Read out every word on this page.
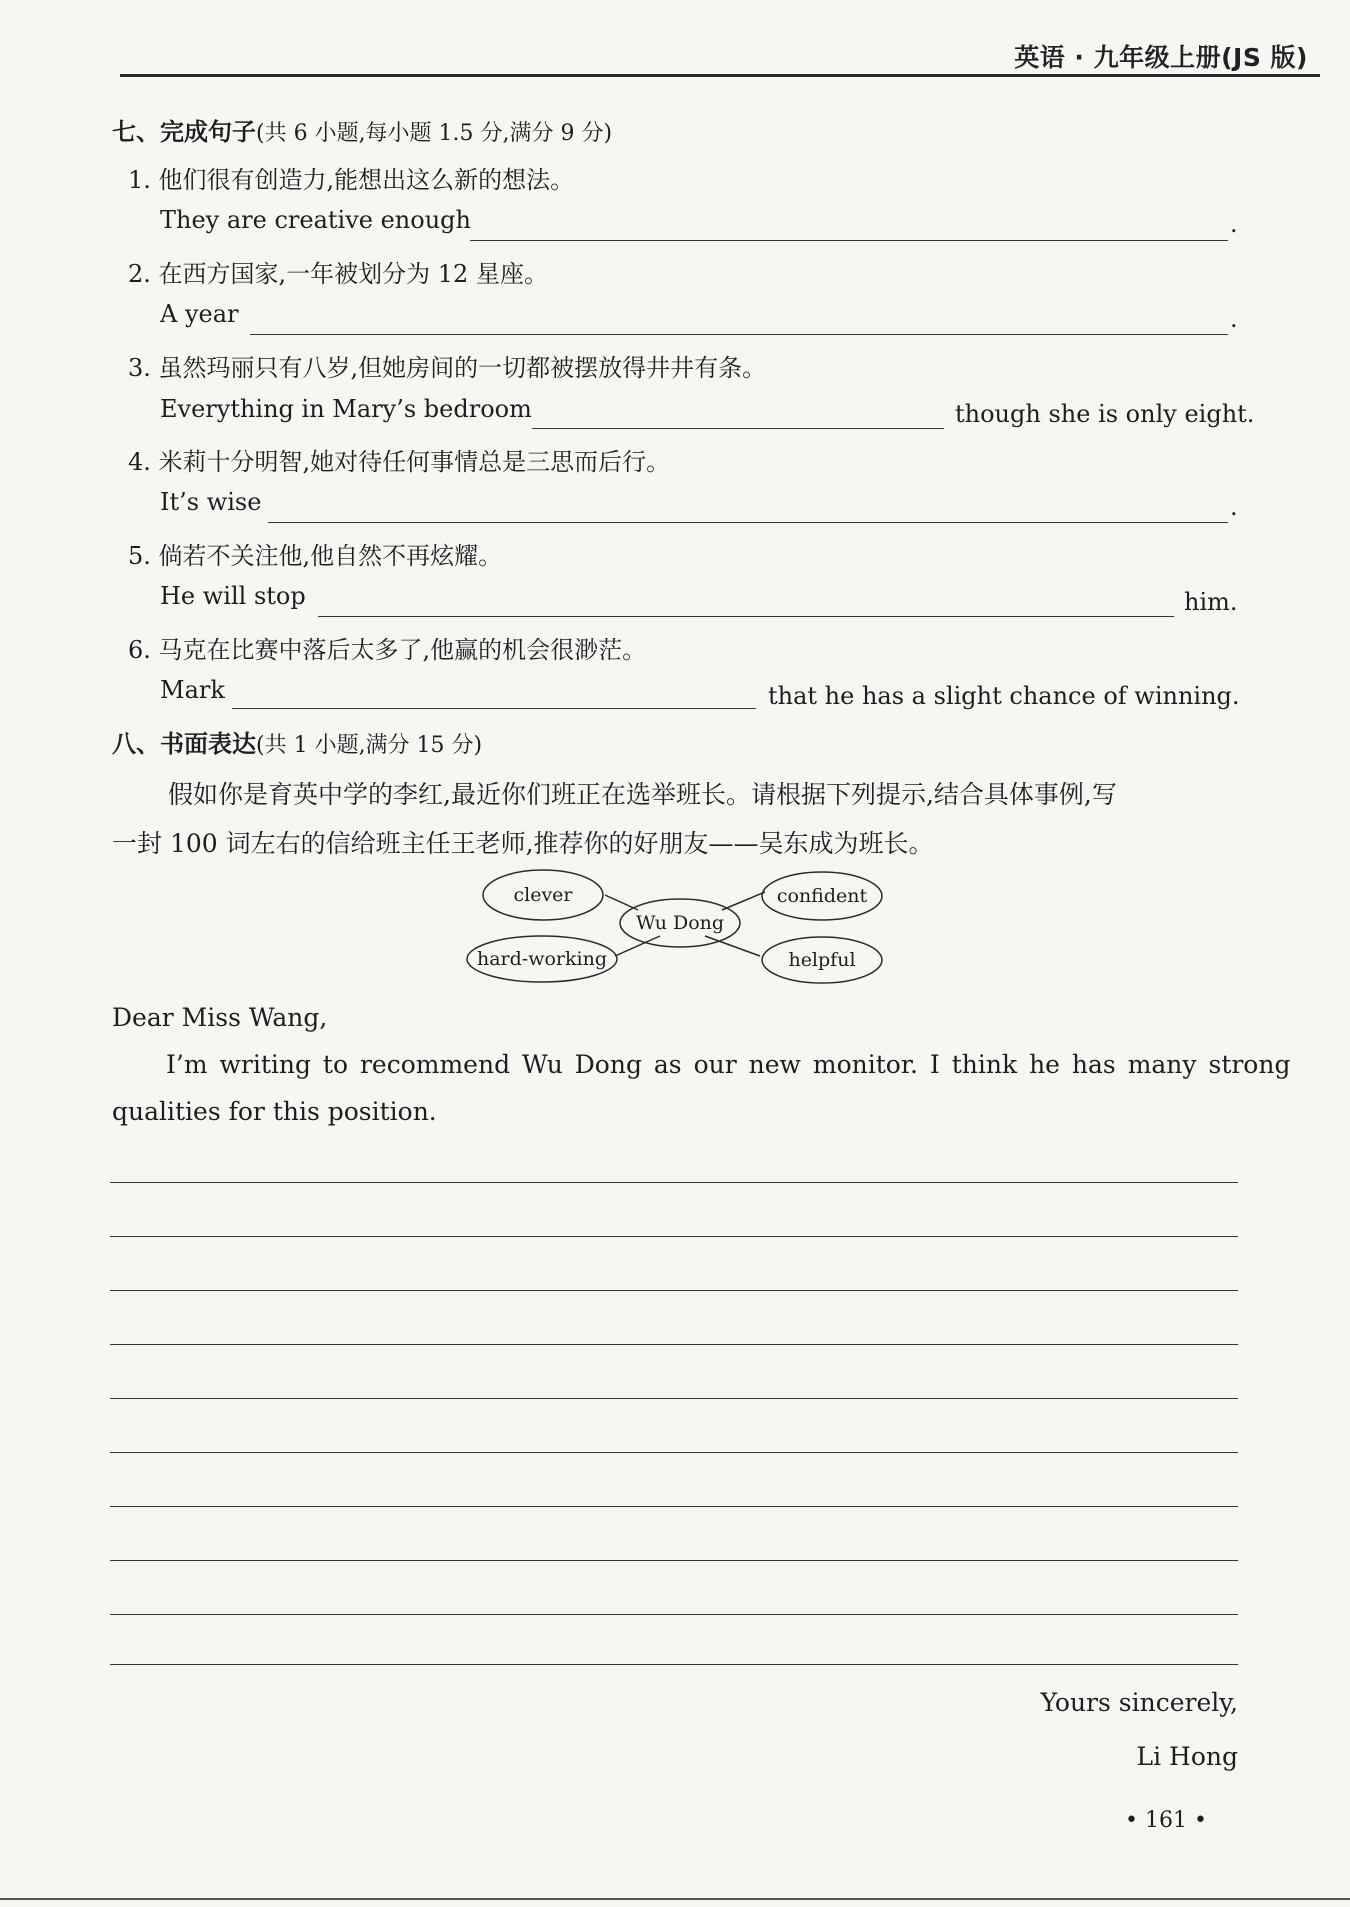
英语 · 九年级上册(JS 版)
七、完成句子(共 6 小题,每小题 1.5 分,满分 9 分)
1. 他们很有创造力,能想出这么新的想法。
They are creative enough	.
2. 在西方国家,一年被划分为 12 星座。
A year	.
3. 虽然玛丽只有八岁,但她房间的一切都被摆放得井井有条。
Everything in Mary’s bedroom	though she is only eight.
4. 米莉十分明智,她对待任何事情总是三思而后行。
It’s wise	.
5. 倘若不关注他,他自然不再炫耀。
He will stop	him.
6. 马克在比赛中落后太多了,他赢的机会很渺茫。
Mark	that he has a slight chance of winning.
八、书面表达(共 1 小题,满分 15 分)
假如你是育英中学的李红,最近你们班正在选举班长。请根据下列提示,结合具体事例,写
一封 100 词左右的信给班主任王老师,推荐你的好朋友——吴东成为班长。
clever	confident
Wu Dong
hard-working	helpful
Dear Miss Wang,
I’m writing to recommend Wu Dong as our new monitor. I think he has many strong
qualities for this position.
Yours sincerely,
Li Hong
• 161 •
